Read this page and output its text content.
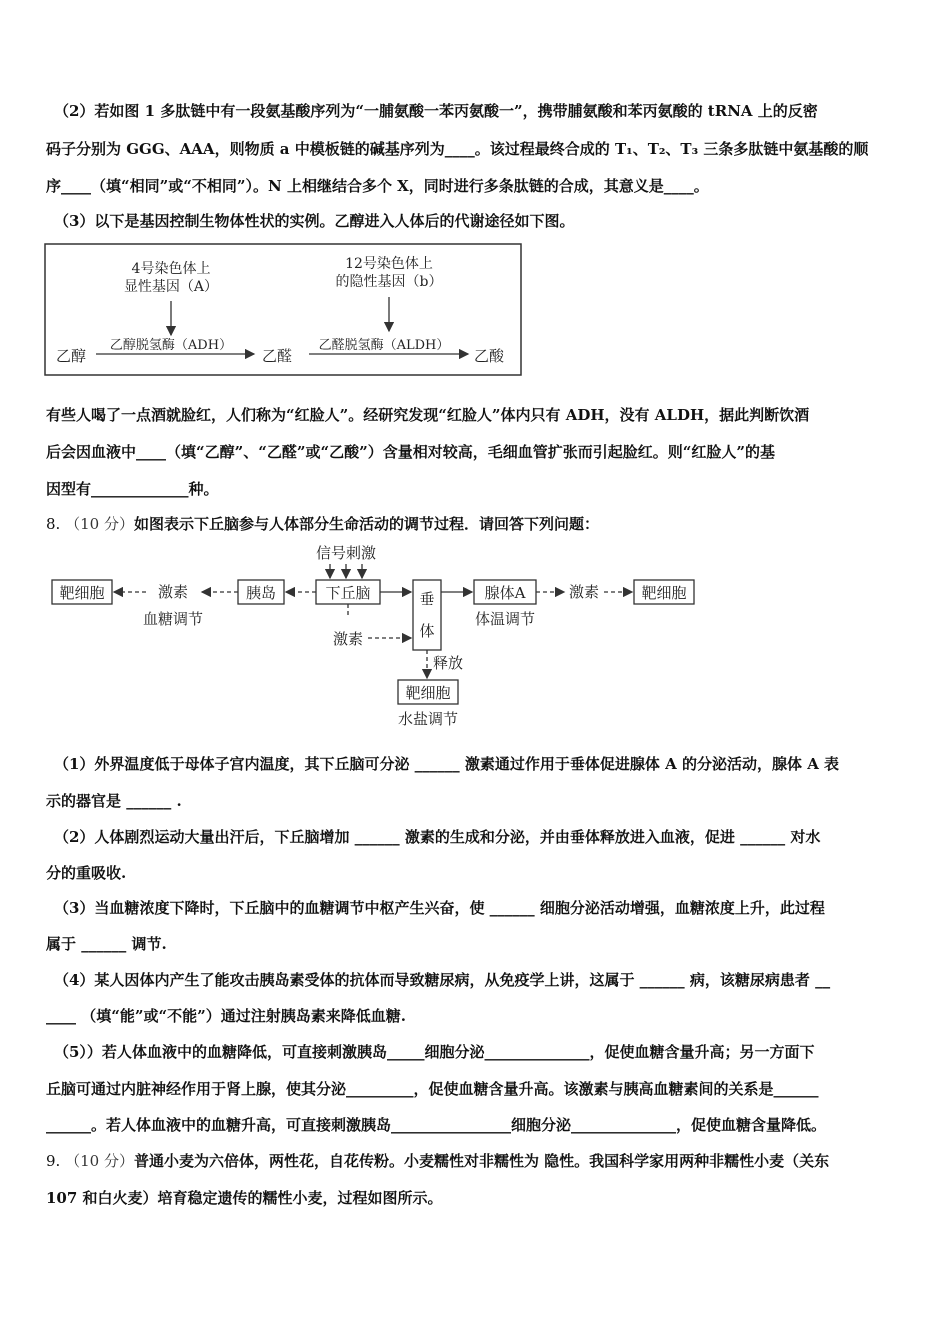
（2）若如图 1 多肽链中有一段氨基酸序列为“一脯氨酸一苯丙氨酸一”，携带脯氨酸和苯丙氨酸的 tRNA 上的反密
码子分别为 GGG、AAA，则物质 a 中模板链的碱基序列为____。该过程最终合成的 T₁、T₂、T₃ 三条多肽链中氨基酸的顺
序____（填“相同”或“不相同”）。N 上相继结合多个 X，同时进行多条肽链的合成，其意义是____。
（3）以下是基因控制生物体性状的实例。乙醇进入人体后的代谢途径如下图。
4号染色体上
显性基因（A）
12号染色体上
的隐性基因（b）
乙醇
乙醇脱氢酶（ADH）
乙醛
乙醛脱氢酶（ALDH）
乙酸
有些人喝了一点酒就脸红，人们称为“红脸人”。经研究发现“红脸人”体内只有 ADH，没有 ALDH，据此判断饮酒
后会因血液中____（填“乙醇”、“乙醛”或“乙酸”）含量相对较高，毛细血管扩张而引起脸红。则“红脸人”的基
因型有_____________种。
8. （10 分）如图表示下丘脑参与人体部分生命活动的调节过程．请回答下列问题：
信号刺激
靶细胞	胰岛	下丘脑	垂
体
腺体A	靶细胞
靶细胞
激素
血糖调节
激素
体温调节
激素
释放
水盐调节
（1）外界温度低于母体子宫内温度，其下丘脑可分泌 ______ 激素通过作用于垂体促进腺体 A 的分泌活动，腺体 A 表
示的器官是 ______ .
（2）人体剧烈运动大量出汗后，下丘脑增加 ______ 激素的生成和分泌，并由垂体释放进入血液，促进 ______ 对水
分的重吸收.
（3）当血糖浓度下降时，下丘脑中的血糖调节中枢产生兴奋，使 ______ 细胞分泌活动增强，血糖浓度上升，此过程
属于 ______ 调节.
（4）某人因体内产生了能攻击胰岛素受体的抗体而导致糖尿病，从免疫学上讲，这属于 ______ 病，该糖尿病患者 __
____ （填“能”或“不能”）通过注射胰岛素来降低血糖.
（5））若人体血液中的血糖降低，可直接刺激胰岛_____细胞分泌______________，促使血糖含量升高；另一方面下
丘脑可通过内脏神经作用于肾上腺，使其分泌_________，促使血糖含量升高。该激素与胰高血糖素间的关系是______
______。若人体血液中的血糖升高，可直接刺激胰岛________________细胞分泌______________，促使血糖含量降低。
9. （10 分）普通小麦为六倍体，两性花，自花传粉。小麦糯性对非糯性为 隐性。我国科学家用两种非糯性小麦（关东
107 和白火麦）培育稳定遗传的糯性小麦，过程如图所示。
